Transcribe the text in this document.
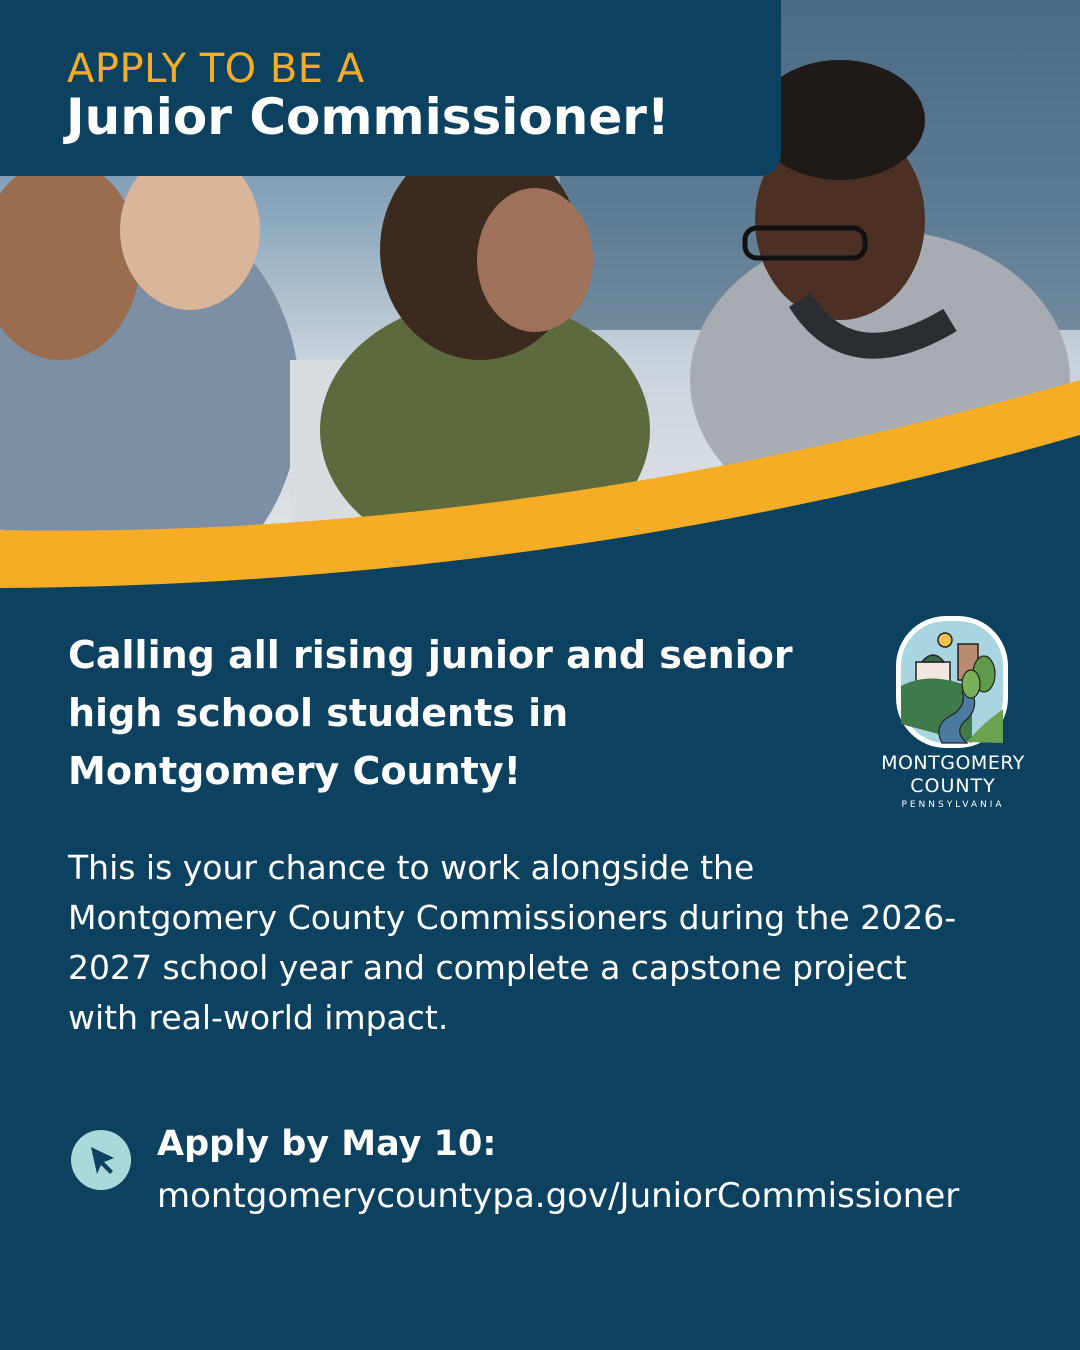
APPLY TO BE A
Junior Commissioner!
Calling all rising junior and senior high school students in Montgomery County!	MONTGOMERY
COUNTY
PENNSYLVANIA
This is your chance to work alongside the Montgomery County Commissioners during the 2026-2027 school year and complete a capstone project with real-world impact.
Apply by May 10:
montgomerycountypa.gov/JuniorCommissioner
